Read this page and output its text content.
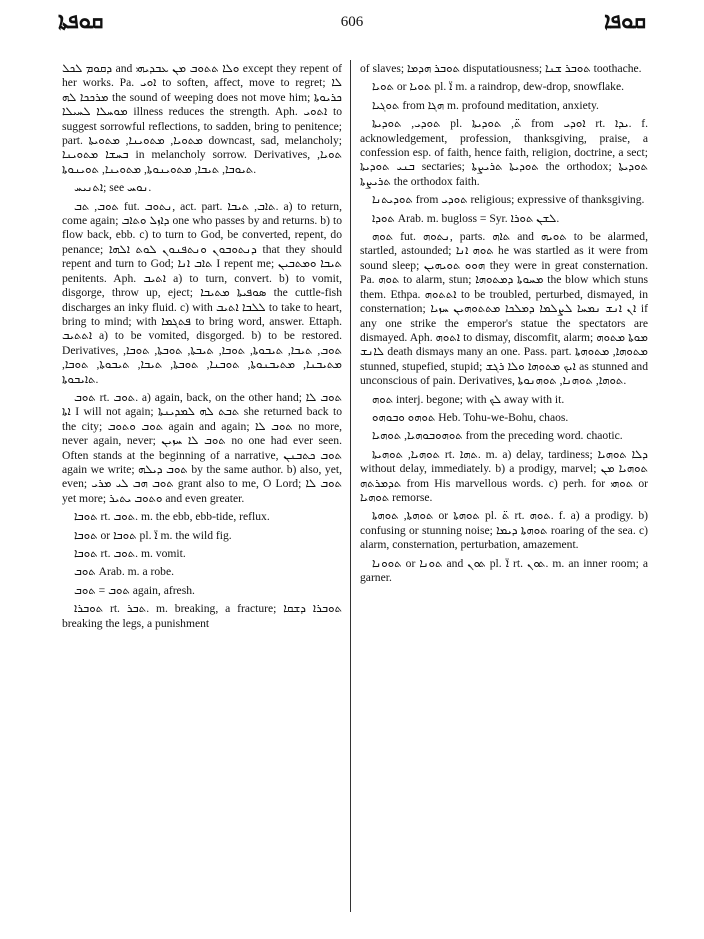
ܩܘܦܬܐ	606	ܩܘܦܐ

ܕܩܘܡ ܠܟܠ and ܘܠܐ ܬܬܘܒ ܡܢ ܥܒܕܝܗܝ except they repent of her works. Pa. ܐܘܝ to soften, affect, move to regret; ܠܐ ܡܪܟܟܐ ܠܗ the sound of weeping does not move him; ܟܪܝܘܬܐ ܡܘܚܠܐ ܠܚܝܠܐ illness reduces the strength. Aph. ܐܬܘܝ to suggest sorrowful reflections, to sadden, bring to penitence; part. ܡܬܘܝܐ, ܡܬܘܝܢܐ, ܡܬܘܝܬܐ downcast, sad, melancholy; ܒܚܫܐ ܡܬܘܝܢܐ in melancholy sorrow. Derivatives, ܬܘܝܐ, ܬܝܘܒܐ, ܬܝܒܐ, ܡܬܘܝܢܘܬܐ, ܡܬܘܝܢܐ, ܬܘܝܢܘܬܐ.

ܐܬܢܝܚ; see ܢܘܚ.

ܬܘܒ, ܬܒ fut. ܢܬܘܒ, act. part. ܬܐܒ, ܬܝܒܐ. a) to return, come again; ܕܐܙܠ ܘܬܐܒ one who passes by and returns. b) to flow back, ebb. c) to turn to God, be converted, repent, do penance; ܕܢܬܘܒܘܢ ܘܢܬܦܢܘܢ ܠܘܬ ܐܠܗܐ that they should repent and turn to God; ܬܐܒ ܐܢܐ I repent me; ܬܝܒܐ ܘܡܬܒܝܢ penitents. Aph. ܐܬܝܒ a) to turn, convert. b) to vomit, disgorge, throw up, eject; ܣܘܦܝܬܐ ܡܬܝܒܐ the cuttle-fish discharges an inky fluid. c) with ܠܠܒܐ ܐܬܝܒ to take to heart, bring to mind; with ܦܬܓܡܐ to bring word, answer. Ettaph. ܐܬܬܝܒ a) to be vomited, disgorged. b) to be restored. Derivatives, ܬܘܒ, ܬܝܒܐ, ܬܝܒܘܬܐ, ܬܘܒܐ, ܬܝܒܬܐ, ܬܘܒܬܐ, ܬܘܒܐ, ܡܬܝܒܢܐ, ܡܬܝܒܢܘܬܐ, ܬܘܒܢܐ, ܬܘܒܬܐ, ܬܝܒܐ, ܬܝܒܘܬܐ, ܬܘܒܐ, ܬܐܝܒܘܬܐ.

ܬܘܒ rt. ܬܘܒ. a) again, back, on the other hand; ܬܘܒ ܠܐ ܐܬܐ I will not again; ܬܒܬ ܠܗ ܠܡܕܝܢܬܐ she returned back to the city; ܬܘܒ ܘܬܘܒ again and again; ܬܘܒ ܠܐ no more, never again, never; ܬܘܒ ܠܐ ܚܙܝܢ no one had ever seen. Often stands at the beginning of a narrative, ܬܘܒ ܟܬܒܢܢ again we write; ܬܘܒ ܕܝܠܗ by the same author. b) also, yet, even; ܬܘܒ ܗܒ ܠܝ ܡܪܝ grant also to me, O Lord; ܬܘܒ ܠܐ yet more; ܘܬܘܒ ܝܬܝܪ and even greater.

ܬܘܒܐ rt. ܬܘܒ. m. the ebb, ebb-tide, reflux.

ܬܘܒܐ or ܬܘܒܐ pl. ܐ̈ m. the wild fig.

ܬܘܒܐ rt. ܬܘܒ. m. vomit.

ܬܘܒ Arab. m. a robe.

ܬܘܒ = ܬܘܒ again, afresh.

ܬܘܒܪܐ rt. ܬܒܪ. m. breaking, a fracture; ܬܘܒܪܐ ܕܫܩܐ breaking the legs, a punishment

of slaves; ܬܘܒܪ ܗܕܡܐ disputatiousness; ܬܘܒܪ ܫܢܐ toothache.

ܬܘܝܐ or ܬܘܝܐ pl. ܐ̈ m. a raindrop, dew-drop, snowflake.

ܬܘܓܝܐ from ܗܓܐ m. profound meditation, anxiety.

ܬܘܕܝ, ܬܘܕܝܬܐ pl. ܬ̈, ܬܘܕܝܬܐ from ܐܘܕܝ rt. ܝܕܐ. f. acknowledgement, profession, thanksgiving, praise, a confession esp. of faith, hence faith, religion, doctrine, a sect; ܒܢܝ ܬܘܕܝܬܐ sectaries; ܬܘܕܝܬܐ ܬܪܝܨܬܐ the orthodox; ܬܘܕܝܬܐ ܬܪܝܨܬܐ the orthodox faith.

ܬܘܕܝܬܢܐ from ܬܘܕܝ religious; expressive of thanksgiving.

ܬܘܕܐ Arab. m. bugloss = Syr. ܠܫܢ ܬܘܪܐ.

ܬܘܗ fut. ܢܬܘܗ, parts. ܬܐܗ and ܬܘܝܗ to be alarmed, startled, astounded; ܬܘܗ ܐܢܐ he was startled as it were from sound sleep; ܗܘܘ ܬܘܝܗܝܢ they were in great consternation. Pa. ܬܘܗ to alarm, stun; ܡܚܘܬܐ ܕܡܬܘܗܐ the blow which stuns them. Ethpa. ܐܬܬܘܗ to be troubled, perturbed, dismayed, in consternation; ܐܢ ܐܢܫ ܢܡܚܐ ܠܨܠܡܐ ܕܡܠܟܐ ܡܬܬܘܗܝܢ ܚܙܝܐ if any one strike the emperor's statue the spectators are dismayed. Aph. ܐܬܘܗ to dismay, discomfit, alarm; ܡܘܬܐ ܡܬܘܗ ܠܐܢܫ death dismays many an one. Pass. part. ܡܬܘܗܐ, ܡܬܘܗܬܐ stunned, stupefied, stupid; ܐܝܟ ܡܬܘܗܐ ܘܠܐ ܪܓܫ as stunned and unconscious of pain. Derivatives, ܬܘܗܐ, ܬܘܗܢܐ, ܬܘܗܢܘܬܐ.

ܬܘܗ interj. begone; with ܠܟ away with it.

ܬܘܗܘ ܘܒܘܗܘ Heb. Tohu-we-Bohu, chaos.

ܬܘܗܘܒܘܗܝܐ, ܬܘܗܝܐ from the preceding word. chaotic.

ܬܘܗܝܐ, ܬܘܗܝܬܐ rt. ܬܗܐ. m. a) delay, tardiness; ܕܠܐ ܬܘܗܝܐ without delay, immediately. b) a prodigy, marvel; ܬܘܗܝܐ ܡܢ ܬܕܡܪܬܗ from His marvellous words. c) perh. for ܬܘܗܝ or ܬܘܗܝܐ remorse.

ܬܘܗܬܐ, ܬܘܗܬܐ or ܬܘܗܬܐ pl. ܬ̈ rt. ܬܘܗ. f. a) a prodigy. b) confusing or stunning noise; ܬܘܗܬܐ ܕܝܡܐ roaring of the sea. c) alarm, consternation, perturbation, amazement.

ܬܘܘܢܐ or ܬܘܢܐ and ܬܘܢ pl. ܐ̈ rt. ܬܘܢ. m. an inner room; a garner.
